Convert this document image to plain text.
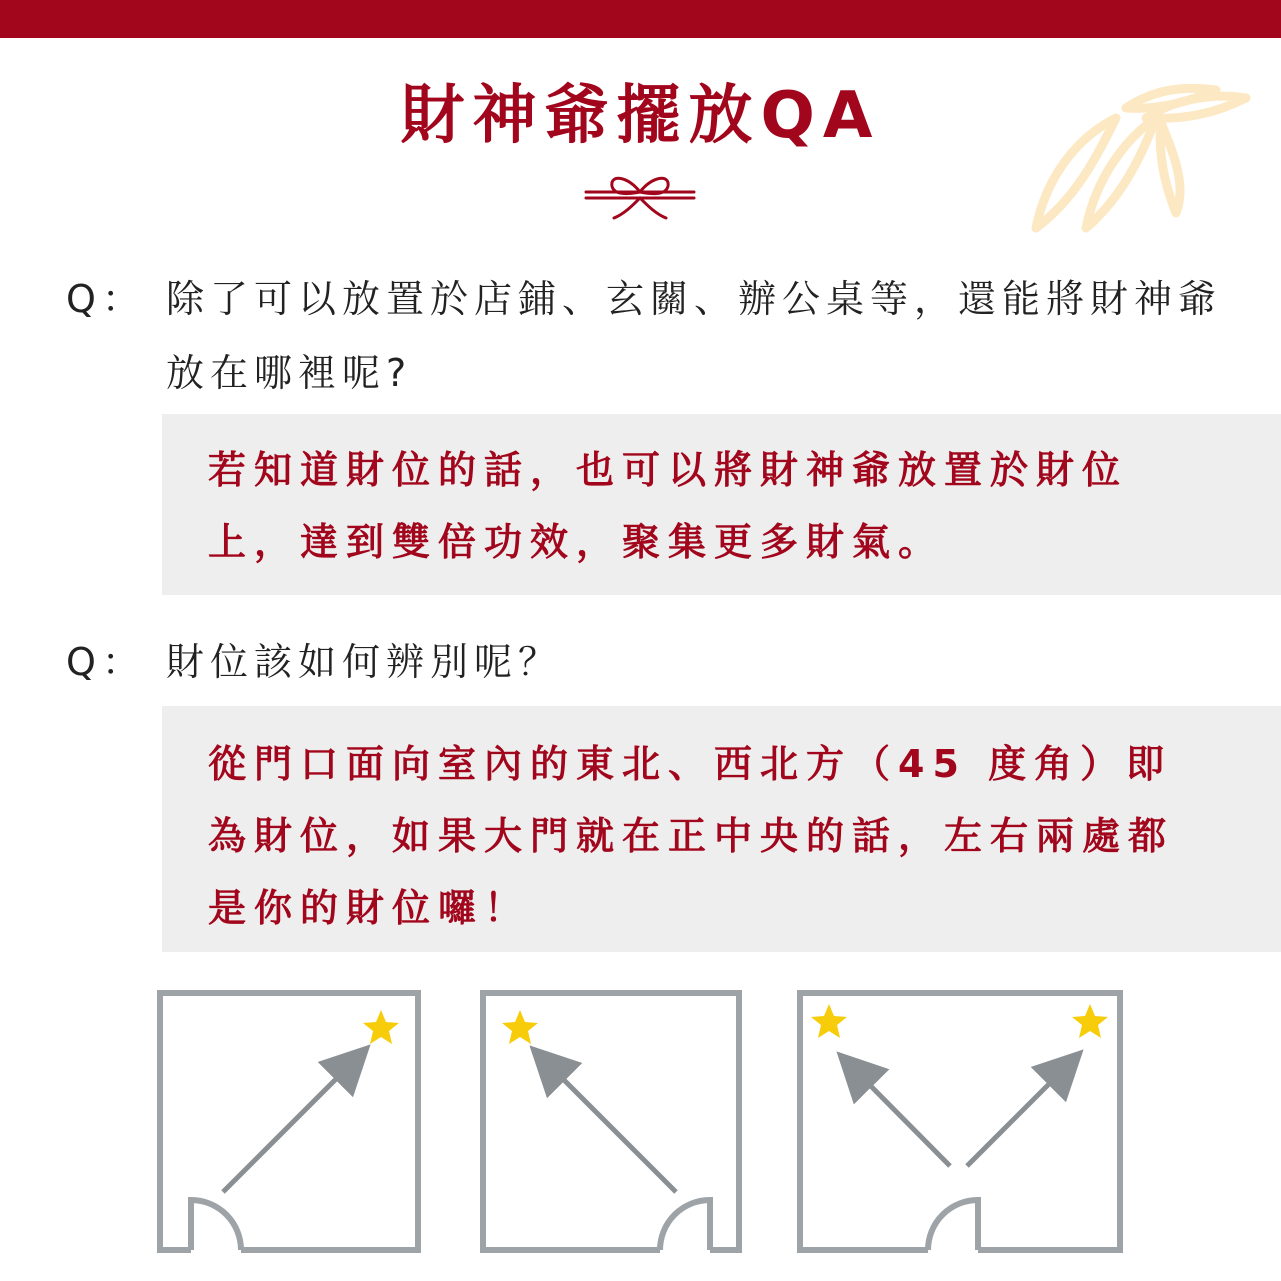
財神爺擺放QA
Q： 除了可以放置於店鋪、玄關、辦公桌等，還能將財神爺放在哪裡呢?
若知道財位的話，也可以將財神爺放置於財位上，達到雙倍功效，聚集更多財氣。
Q： 財位該如何辨別呢？
從門口面向室內的東北、西北方（45 度角）即為財位，如果大門就在正中央的話，左右兩處都是你的財位囉！
